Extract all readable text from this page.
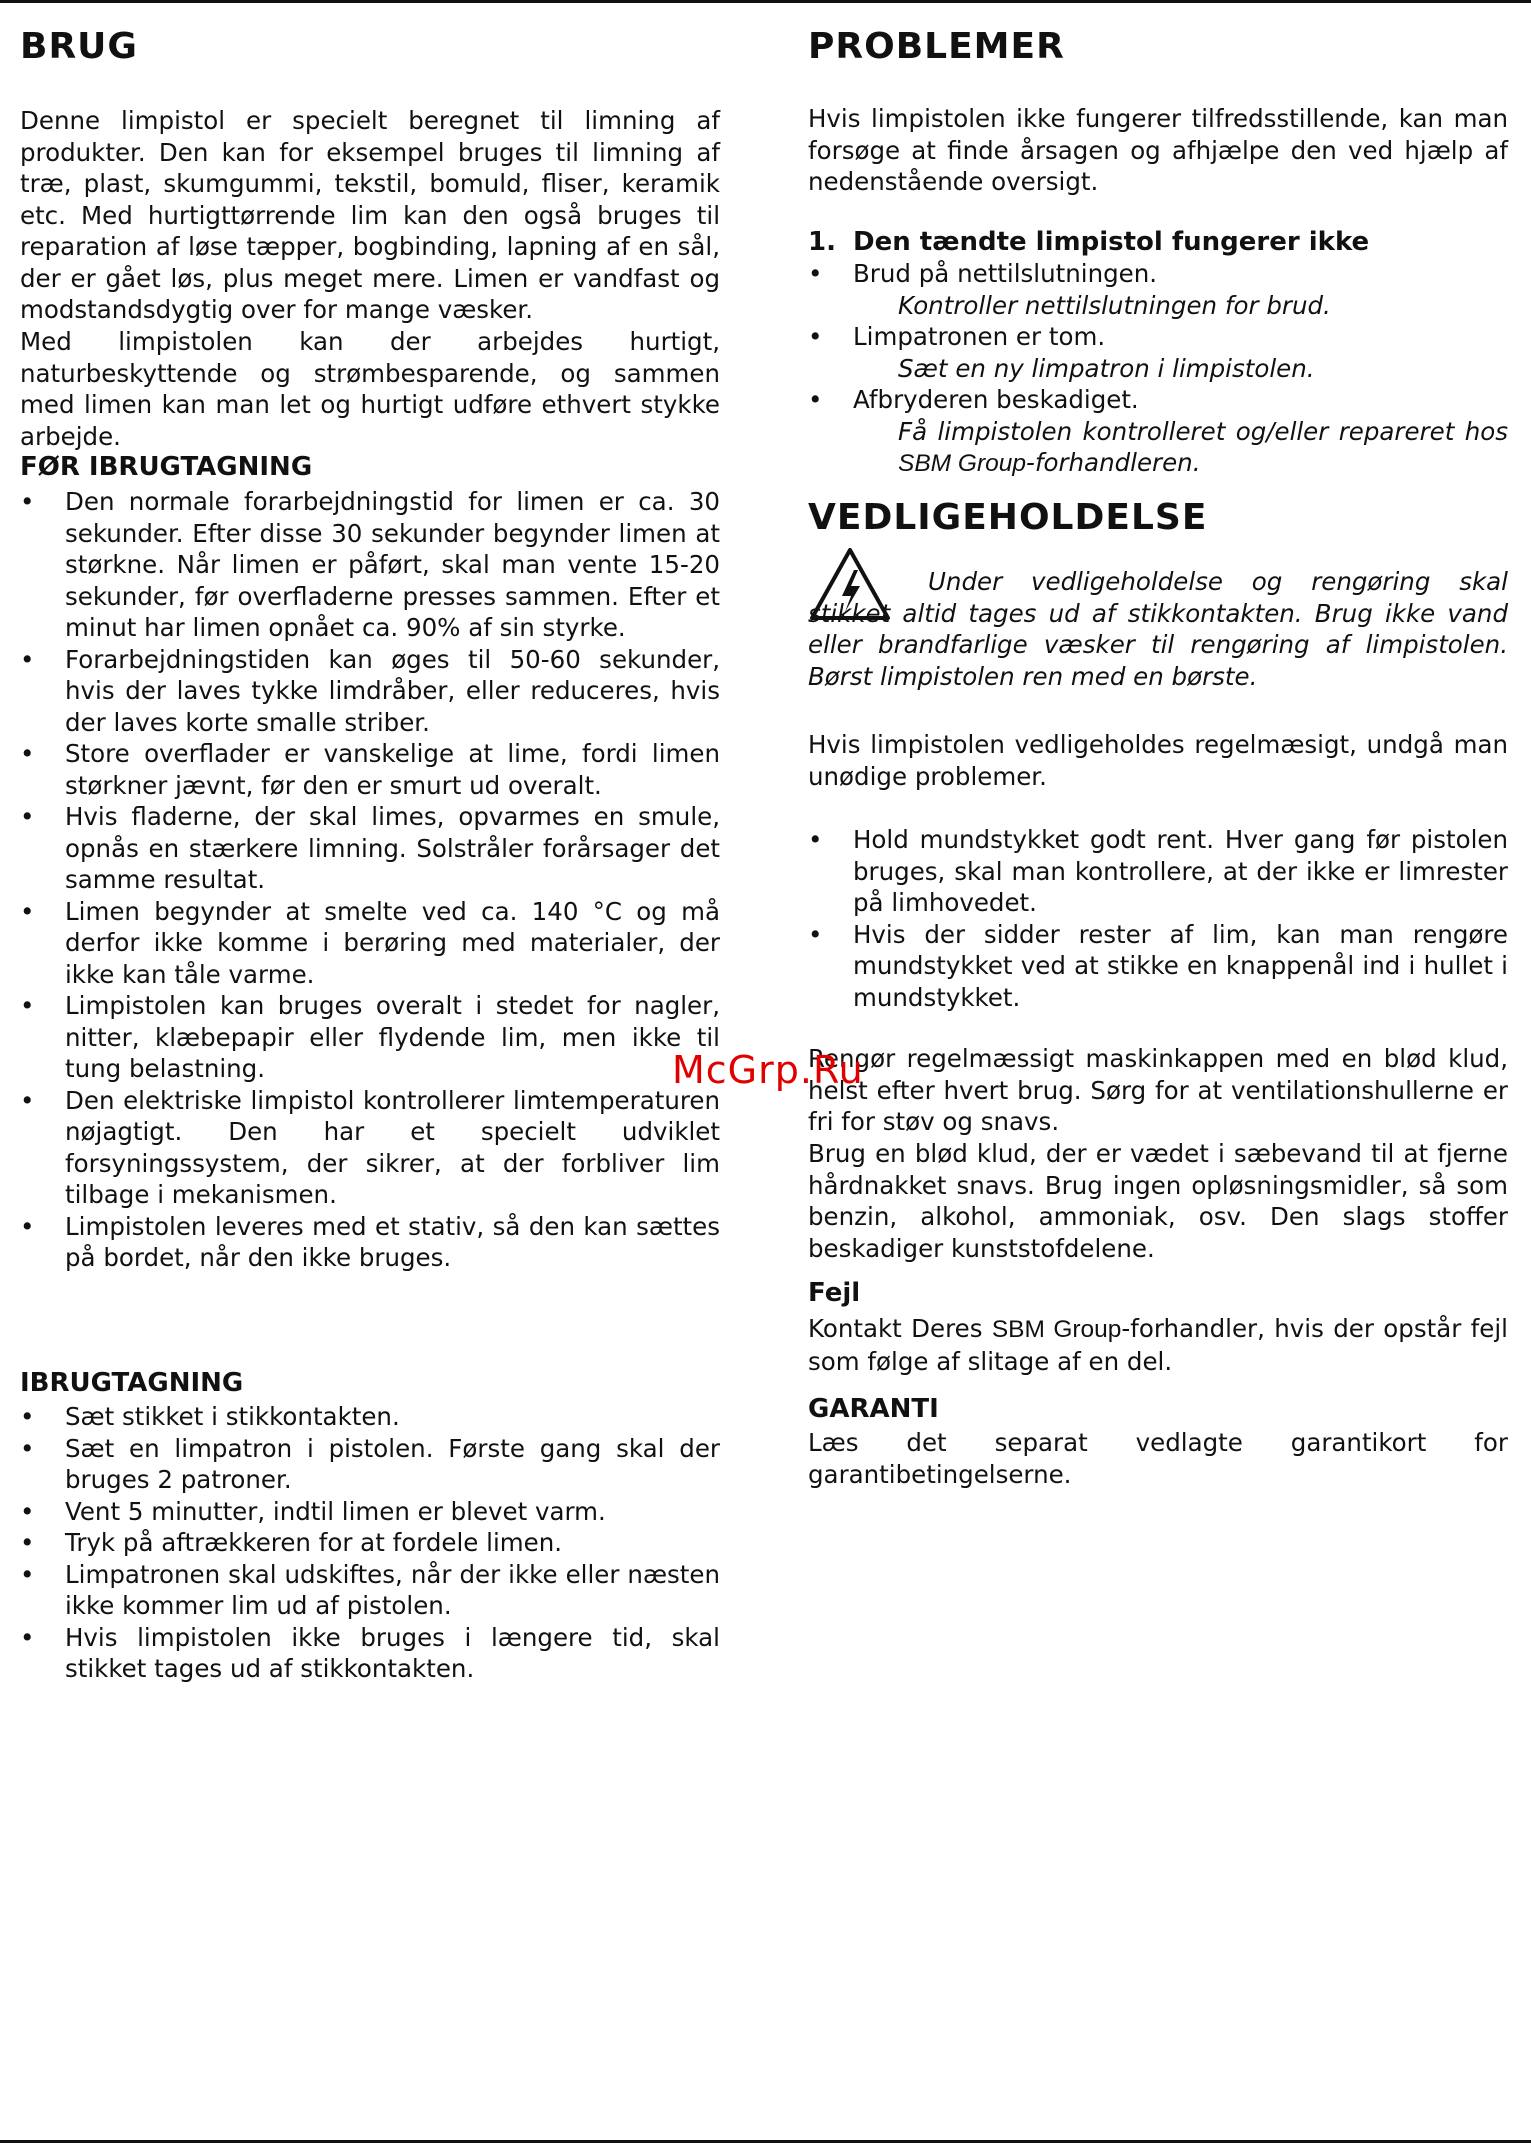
BRUG

Denne limpistol er specielt beregnet til limning af produkter. Den kan for eksempel bruges til limning af træ, plast, skumgummi, tekstil, bomuld, fliser, keramik etc. Med hurtigttørrende lim kan den også bruges til reparation af løse tæpper, bogbinding, lapning af en sål, der er gået løs, plus meget mere. Limen er vandfast og modstandsdygtig over for mange væsker.

Med limpistolen kan der arbejdes hurtigt, naturbeskyttende og strømbesparende, og sammen med limen kan man let og hurtigt udføre ethvert stykke arbejde.

FØR IBRUGTAGNING
• Den normale forarbejdningstid for limen er ca. 30 sekunder. Efter disse 30 sekunder begynder limen at størkne. Når limen er påført, skal man vente 15-20 sekunder, før overfladerne presses sammen. Efter et minut har limen opnået ca. 90% af sin styrke.
• Forarbejdningstiden kan øges til 50-60 sekunder, hvis der laves tykke limdråber, eller reduceres, hvis der laves korte smalle striber.
• Store overflader er vanskelige at lime, fordi limen størkner jævnt, før den er smurt ud overalt.
• Hvis fladerne, der skal limes, opvarmes en smule, opnås en stærkere limning. Solstråler forårsager det samme resultat.
• Limen begynder at smelte ved ca. 140 °C og må derfor ikke komme i berøring med materialer, der ikke kan tåle varme.
• Limpistolen kan bruges overalt i stedet for nagler, nitter, klæbepapir eller flydende lim, men ikke til tung belastning.
• Den elektriske limpistol kontrollerer limtemperaturen nøjagtigt. Den har et specielt udviklet forsyningssystem, der sikrer, at der forbliver lim tilbage i mekanismen.
• Limpistolen leveres med et stativ, så den kan sættes på bordet, når den ikke bruges.
IBRUGTAGNING
• Sæt stikket i stikkontakten.
• Sæt en limpatron i pistolen. Første gang skal der bruges 2 patroner.
• Vent 5 minutter, indtil limen er blevet varm.
• Tryk på aftrækkeren for at fordele limen.
• Limpatronen skal udskiftes, når der ikke eller næsten ikke kommer lim ud af pistolen.
• Hvis limpistolen ikke bruges i længere tid, skal stikket tages ud af stikkontakten.
PROBLEMER

Hvis limpistolen ikke fungerer tilfredsstillende, kan man forsøge at finde årsagen og afhjælpe den ved hjælp af nedenstående oversigt.

1. Den tændte limpistol fungerer ikke
• Brud på nettilslutningen.
Kontroller nettilslutningen for brud.
• Limpatronen er tom.
Sæt en ny limpatron i limpistolen.
• Afbryderen beskadiget.
Få limpistolen kontrolleret og/eller repareret hos SBM Group-forhandleren.
VEDLIGEHOLDELSE

Under vedligeholdelse og rengøring skal stikket altid tages ud af stikkontakten. Brug ikke vand eller brandfarlige væsker til rengøring af limpistolen. Børst limpistolen ren med en børste.

Hvis limpistolen vedligeholdes regelmæsigt, undgå man unødige problemer.

• Hold mundstykket godt rent. Hver gang før pistolen bruges, skal man kontrollere, at der ikke er limrester på limhovedet.
• Hvis der sidder rester af lim, kan man rengøre mundstykket ved at stikke en knappenål ind i hullet i mundstykket.

Rengør regelmæssigt maskinkappen med en blød klud, helst efter hvert brug. Sørg for at ventilationshullerne er fri for støv og snavs.

Brug en blød klud, der er vædet i sæbevand til at fjerne hårdnakket snavs. Brug ingen opløsningsmidler, så som benzin, alkohol, ammoniak, osv. Den slags stoffer beskadiger kunststofdelene.

Fejl

Kontakt Deres SBM Group-forhandler, hvis der opstår fejl som følge af slitage af en del.

GARANTI

Læs det separat vedlagte garantikort for garantibetingelserne.

McGrp.Ru
